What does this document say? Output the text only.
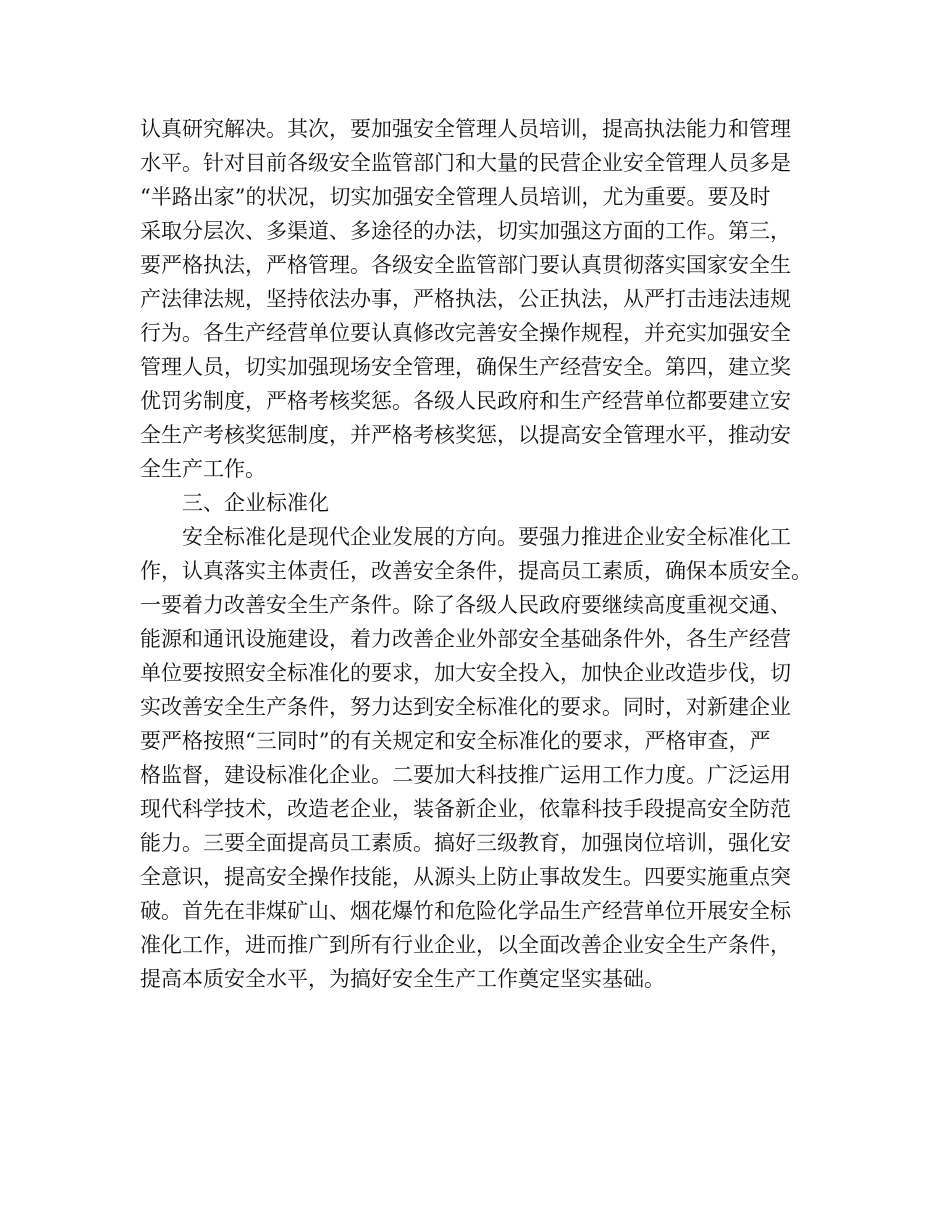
认真研究解决。其次，要加强安全管理人员培训，提高执法能力和管理
水平。针对目前各级安全监管部门和大量的民营企业安全管理人员多是
“半路出家”的状况，切实加强安全管理人员培训，尤为重要。要及时
采取分层次、多渠道、多途径的办法，切实加强这方面的工作。第三，
要严格执法，严格管理。各级安全监管部门要认真贯彻落实国家安全生
产法律法规，坚持依法办事，严格执法，公正执法，从严打击违法违规
行为。各生产经营单位要认真修改完善安全操作规程，并充实加强安全
管理人员，切实加强现场安全管理，确保生产经营安全。第四，建立奖
优罚劣制度，严格考核奖惩。各级人民政府和生产经营单位都要建立安
全生产考核奖惩制度，并严格考核奖惩，以提高安全管理水平，推动安
全生产工作。
三、企业标准化
安全标准化是现代企业发展的方向。要强力推进企业安全标准化工
作，认真落实主体责任，改善安全条件，提高员工素质，确保本质安全。
一要着力改善安全生产条件。除了各级人民政府要继续高度重视交通、
能源和通讯设施建设，着力改善企业外部安全基础条件外，各生产经营
单位要按照安全标准化的要求，加大安全投入，加快企业改造步伐，切
实改善安全生产条件，努力达到安全标准化的要求。同时，对新建企业
要严格按照“三同时”的有关规定和安全标准化的要求，严格审查，严
格监督，建设标准化企业。二要加大科技推广运用工作力度。广泛运用
现代科学技术，改造老企业，装备新企业，依靠科技手段提高安全防范
能力。三要全面提高员工素质。搞好三级教育，加强岗位培训，强化安
全意识，提高安全操作技能，从源头上防止事故发生。四要实施重点突
破。首先在非煤矿山、烟花爆竹和危险化学品生产经营单位开展安全标
准化工作，进而推广到所有行业企业，以全面改善企业安全生产条件，
提高本质安全水平，为搞好安全生产工作奠定坚实基础。
